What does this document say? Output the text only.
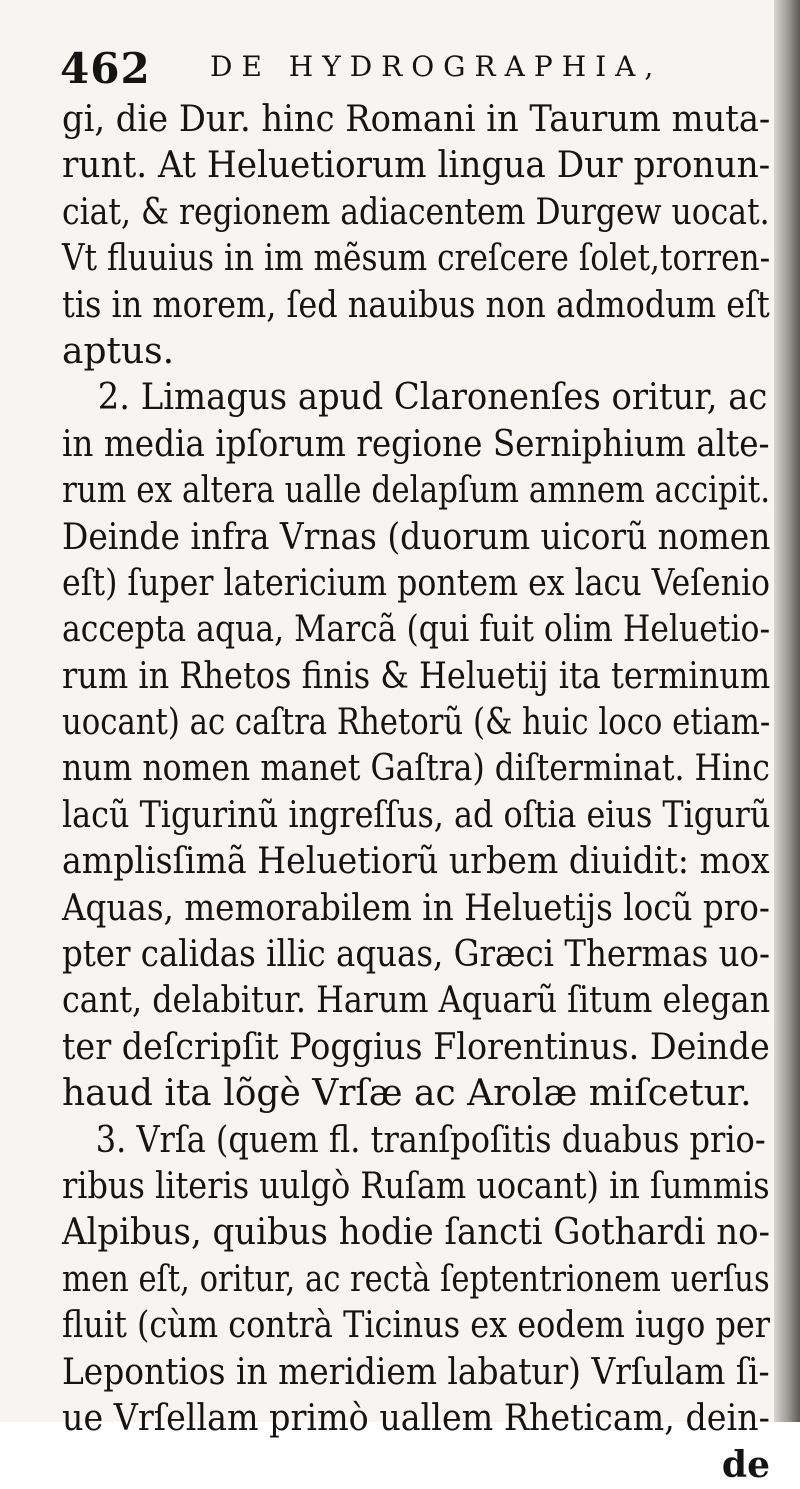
462 DE HYDROGRAPHIA,
gi, die Dur. hinc Romani in Taurum muta-
runt. At Heluetiorum lingua Dur pronun-
ciat, & regionem adiacentem Durgew uocat.
Vt fluuius in im mẽsum creſcere ſolet,torren-
tis in morem, ſed nauibus non admodum eſt
aptus.
2. Limagus apud Claronenſes oritur, ac
in media ipſorum regione Serniphium alte-
rum ex altera ualle delapſum amnem accipit.
Deinde infra Vrnas (duorum uicorũ nomen
eſt) ſuper latericium pontem ex lacu Veſenio
accepta aqua, Marcã (qui fuit olim Heluetio-
rum in Rhetos finis & Heluetij ita terminum
uocant) ac caſtra Rhetorũ (& huic loco etiam-
num nomen manet Gaſtra) diſterminat. Hinc
lacũ Tigurinũ ingreſſus, ad oſtia eius Tigurũ
amplisſimã Heluetiorũ urbem diuidit: mox
Aquas, memorabilem in Heluetijs locũ pro-
pter calidas illic aquas, Græci Thermas uo-
cant, delabitur. Harum Aquarũ ſitum elegan
ter deſcripſit Poggius Florentinus. Deinde
haud ita lõgè Vrſæ ac Arolæ miſcetur.
3. Vrſa (quem fl. tranſpoſitis duabus prio-
ribus literis uulgò Ruſam uocant) in ſummis
Alpibus, quibus hodie ſancti Gothardi no-
men eſt, oritur, ac rectà ſeptentrionem uerſus
fluit (cùm contrà Ticinus ex eodem iugo per
Lepontios in meridiem labatur) Vrſulam ſi-
ue Vrſellam primò uallem Rheticam, dein-
de
